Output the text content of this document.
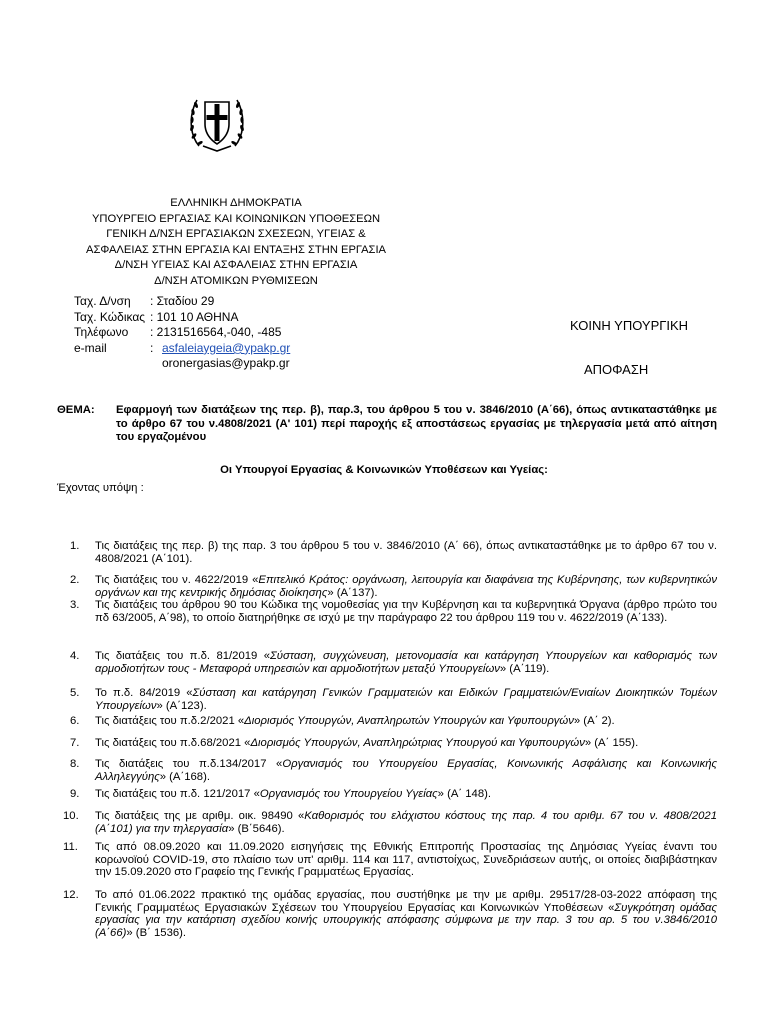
ΕΛΛΗΝΙΚΗ ΔΗΜΟΚΡΑΤΙΑ
ΥΠΟΥΡΓΕΙΟ ΕΡΓΑΣΙΑΣ ΚΑΙ ΚΟΙΝΩΝΙΚΩΝ ΥΠΟΘΕΣΕΩΝ
ΓΕΝΙΚΗ Δ/ΝΣΗ ΕΡΓΑΣΙΑΚΩΝ ΣΧΕΣΕΩΝ, ΥΓΕΙΑΣ &
ΑΣΦΑΛΕΙΑΣ ΣΤΗΝ ΕΡΓΑΣΙΑ ΚΑΙ ΕΝΤΑΞΗΣ ΣΤΗΝ ΕΡΓΑΣΙΑ
Δ/ΝΣΗ ΥΓΕΙΑΣ ΚΑΙ ΑΣΦΑΛΕΙΑΣ ΣΤΗΝ ΕΡΓΑΣΙΑ
Δ/ΝΣΗ ΑΤΟΜΙΚΩΝ ΡΥΘΜΙΣΕΩΝ
Ταχ. Δ/νση : Σταδίου 29
Ταχ. Κώδικας : 101 10 ΑΘΗΝΑ
Τηλέφωνο : 2131516564,-040, -485
e-mail	: asfaleiaygeia@ypakp.gr
oronergasias@ypakp.gr
ΚΟΙΝΗ ΥΠΟΥΡΓΙΚΗ
ΑΠΟΦΑΣΗ
ΘΕΜΑ: Εφαρμογή των διατάξεων της περ. β), παρ.3, του άρθρου 5 του ν. 3846/2010 (Α΄66), όπως αντικαταστάθηκε με το άρθρο 67 του ν.4808/2021 (Α' 101) περί παροχής εξ αποστάσεως εργασίας με τηλεργασία μετά από αίτηση του εργαζομένου
Οι Υπουργοί Εργασίας & Κοινωνικών Υποθέσεων και Υγείας:
Έχοντας υπόψη :
1. Τις διατάξεις της περ. β) της παρ. 3 του άρθρου 5 του ν. 3846/2010 (Α΄ 66), όπως αντικαταστάθηκε με το άρθρο 67 του ν. 4808/2021 (Α΄101).
2. Τις διατάξεις του ν. 4622/2019 «Επιτελικό Κράτος: οργάνωση, λειτουργία και διαφάνεια της Κυβέρνησης, των κυβερνητικών οργάνων και της κεντρικής δημόσιας διοίκησης» (Α΄137).
3. Τις διατάξεις του άρθρου 90 του Κώδικα της νομοθεσίας για την Κυβέρνηση και τα κυβερνητικά Όργανα (άρθρο πρώτο του πδ 63/2005, Α΄98), το οποίο διατηρήθηκε σε ισχύ με την παράγραφο 22 του άρθρου 119 του ν. 4622/2019 (Α΄133).
4. Τις διατάξεις του π.δ. 81/2019 «Σύσταση, συγχώνευση, μετονομασία και κατάργηση Υπουργείων και καθορισμός των αρμοδιοτήτων τους - Μεταφορά υπηρεσιών και αρμοδιοτήτων μεταξύ Υπουργείων» (Α΄119).
5. Το π.δ. 84/2019 «Σύσταση και κατάργηση Γενικών Γραμματειών και Ειδικών Γραμματειών/Ενιαίων Διοικητικών Τομέων Υπουργείων» (Α΄123).
6. Τις διατάξεις του π.δ.2/2021 «Διορισμός Υπουργών, Αναπληρωτών Υπουργών και Υφυπουργών» (Α΄ 2).
7. Τις διατάξεις του π.δ.68/2021 «Διορισμός Υπουργών, Αναπληρώτριας Υπουργού και Υφυπουργών» (Α΄ 155).
8. Τις διατάξεις του π.δ.134/2017 «Οργανισμός του Υπουργείου Εργασίας, Κοινωνικής Ασφάλισης και Κοινωνικής Αλληλεγγύης» (Α΄168).
9. Τις διατάξεις του π.δ. 121/2017 «Οργανισμός του Υπουργείου Υγείας» (Α΄ 148).
10. Τις διατάξεις της με αριθμ. οικ. 98490 «Καθορισμός του ελάχιστου κόστους της παρ. 4 του αριθμ. 67 του ν. 4808/2021 (Α΄101) για την τηλεργασία» (Β΄5646).
11. Τις από 08.09.2020 και 11.09.2020 εισηγήσεις της Εθνικής Επιτροπής Προστασίας της Δημόσιας Υγείας έναντι του κορωνοϊού COVID-19, στο πλαίσιο των υπ' αριθμ. 114 και 117, αντιστοίχως, Συνεδριάσεων αυτής, οι οποίες διαβιβάστηκαν την 15.09.2020 στο Γραφείο της Γενικής Γραμματέως Εργασίας.
12. Το από 01.06.2022 πρακτικό της ομάδας εργασίας, που συστήθηκε με την με αριθμ. 29517/28-03-2022 απόφαση της Γενικής Γραμματέως Εργασιακών Σχέσεων του Υπουργείου Εργασίας και Κοινωνικών Υποθέσεων «Συγκρότηση ομάδας εργασίας για την κατάρτιση σχεδίου κοινής υπουργικής απόφασης σύμφωνα με την παρ. 3 του αρ. 5 του ν.3846/2010 (Α΄66)» (Β΄ 1536).
